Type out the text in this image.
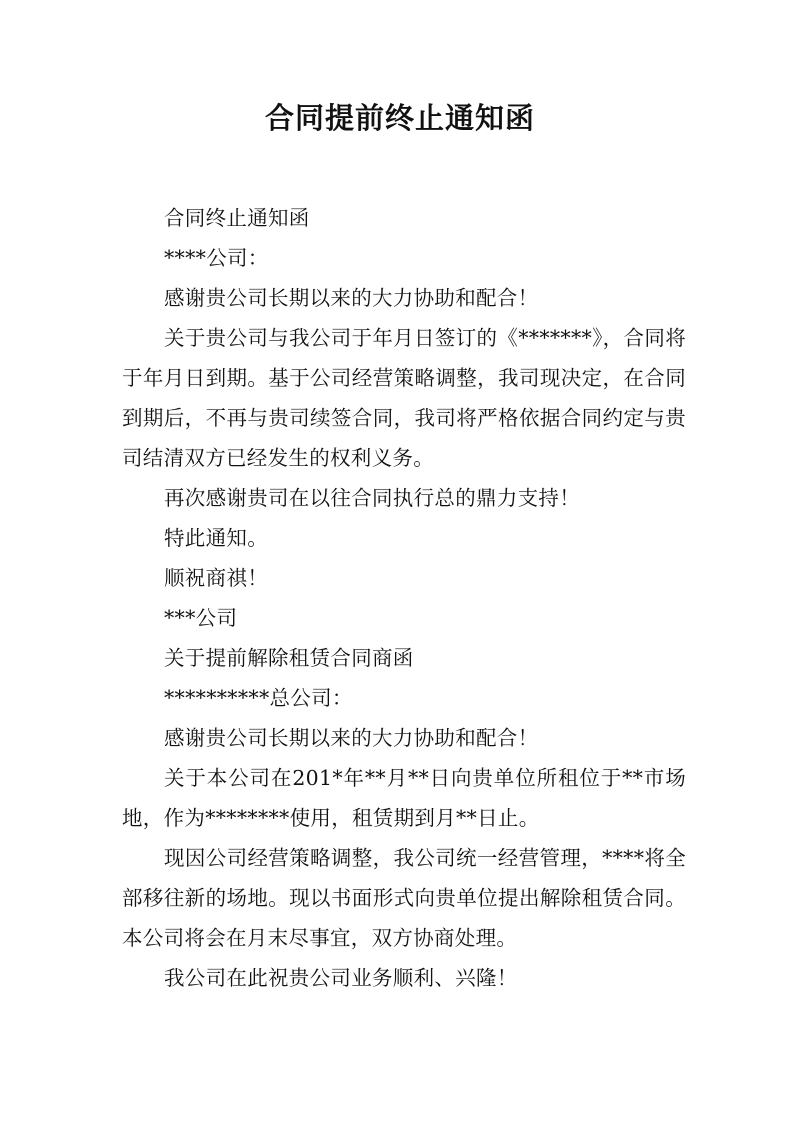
合同提前终止通知函

合同终止通知函

****公司：

感谢贵公司长期以来的大力协助和配合！

关于贵公司与我公司于年月日签订的《*******》，合同将于年月日到期。基于公司经营策略调整，我司现决定，在合同到期后，不再与贵司续签合同，我司将严格依据合同约定与贵司结清双方已经发生的权利义务。

再次感谢贵司在以往合同执行总的鼎力支持！

特此通知。

顺祝商祺！

***公司

关于提前解除租赁合同商函

**********总公司：

感谢贵公司长期以来的大力协助和配合！

关于本公司在201*年**月**日向贵单位所租位于**市场地，作为********使用，租赁期到月**日止。

现因公司经营策略调整，我公司统一经营管理，****将全部移往新的场地。现以书面形式向贵单位提出解除租赁合同。本公司将会在月末尽事宜，双方协商处理。

我公司在此祝贵公司业务顺利、兴隆！
